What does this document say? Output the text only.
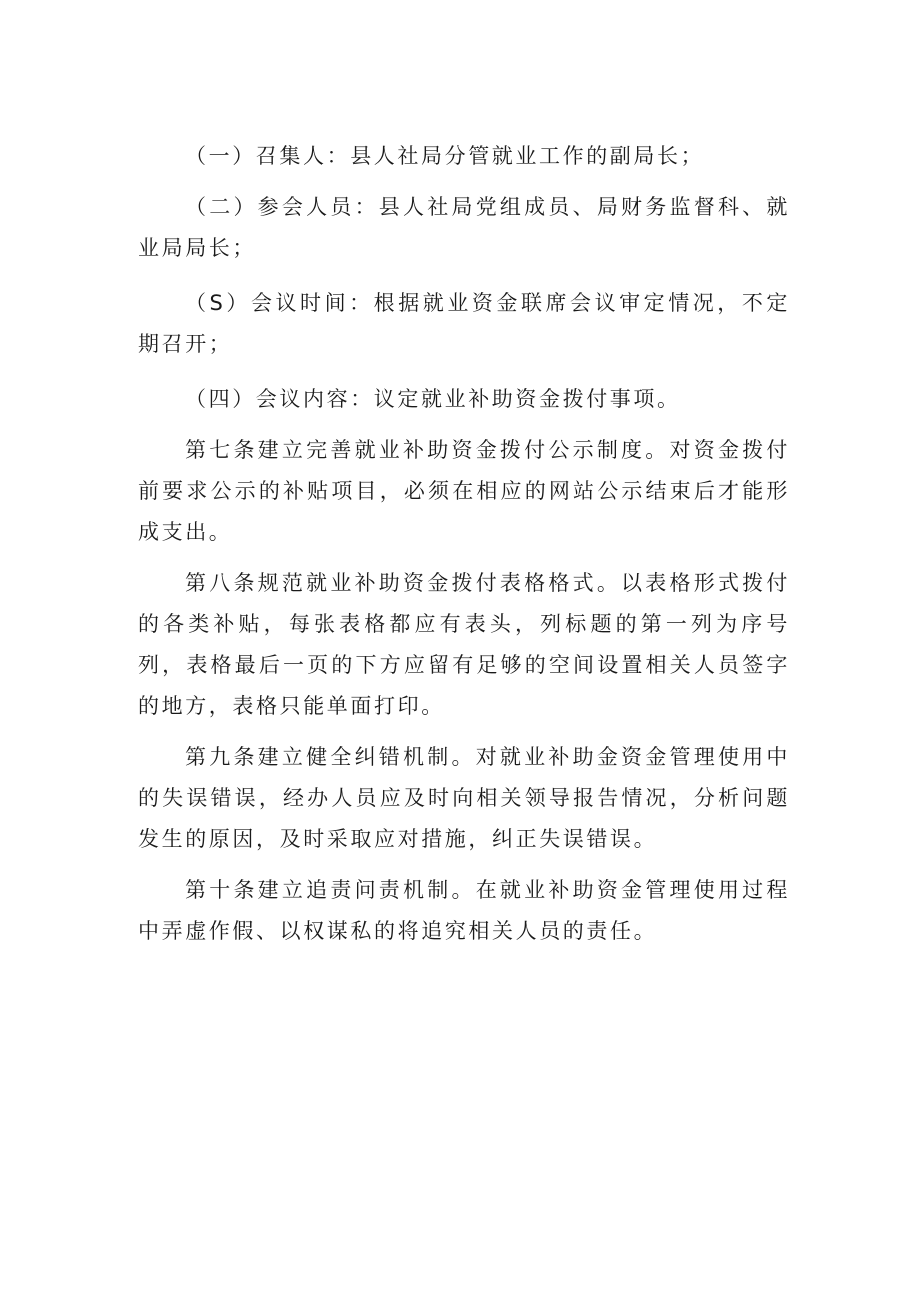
（一）召集人：县人社局分管就业工作的副局长；

（二）参会人员：县人社局党组成员、局财务监督科、就业局局长；

（S）会议时间：根据就业资金联席会议审定情况，不定期召开；

（四）会议内容：议定就业补助资金拨付事项。

第七条建立完善就业补助资金拨付公示制度。对资金拨付前要求公示的补贴项目，必须在相应的网站公示结束后才能形成支出。

第八条规范就业补助资金拨付表格格式。以表格形式拨付的各类补贴，每张表格都应有表头，列标题的第一列为序号列，表格最后一页的下方应留有足够的空间设置相关人员签字的地方，表格只能单面打印。

第九条建立健全纠错机制。对就业补助金资金管理使用中的失误错误，经办人员应及时向相关领导报告情况，分析问题发生的原因，及时采取应对措施，纠正失误错误。

第十条建立追责问责机制。在就业补助资金管理使用过程中弄虚作假、以权谋私的将追究相关人员的责任。
